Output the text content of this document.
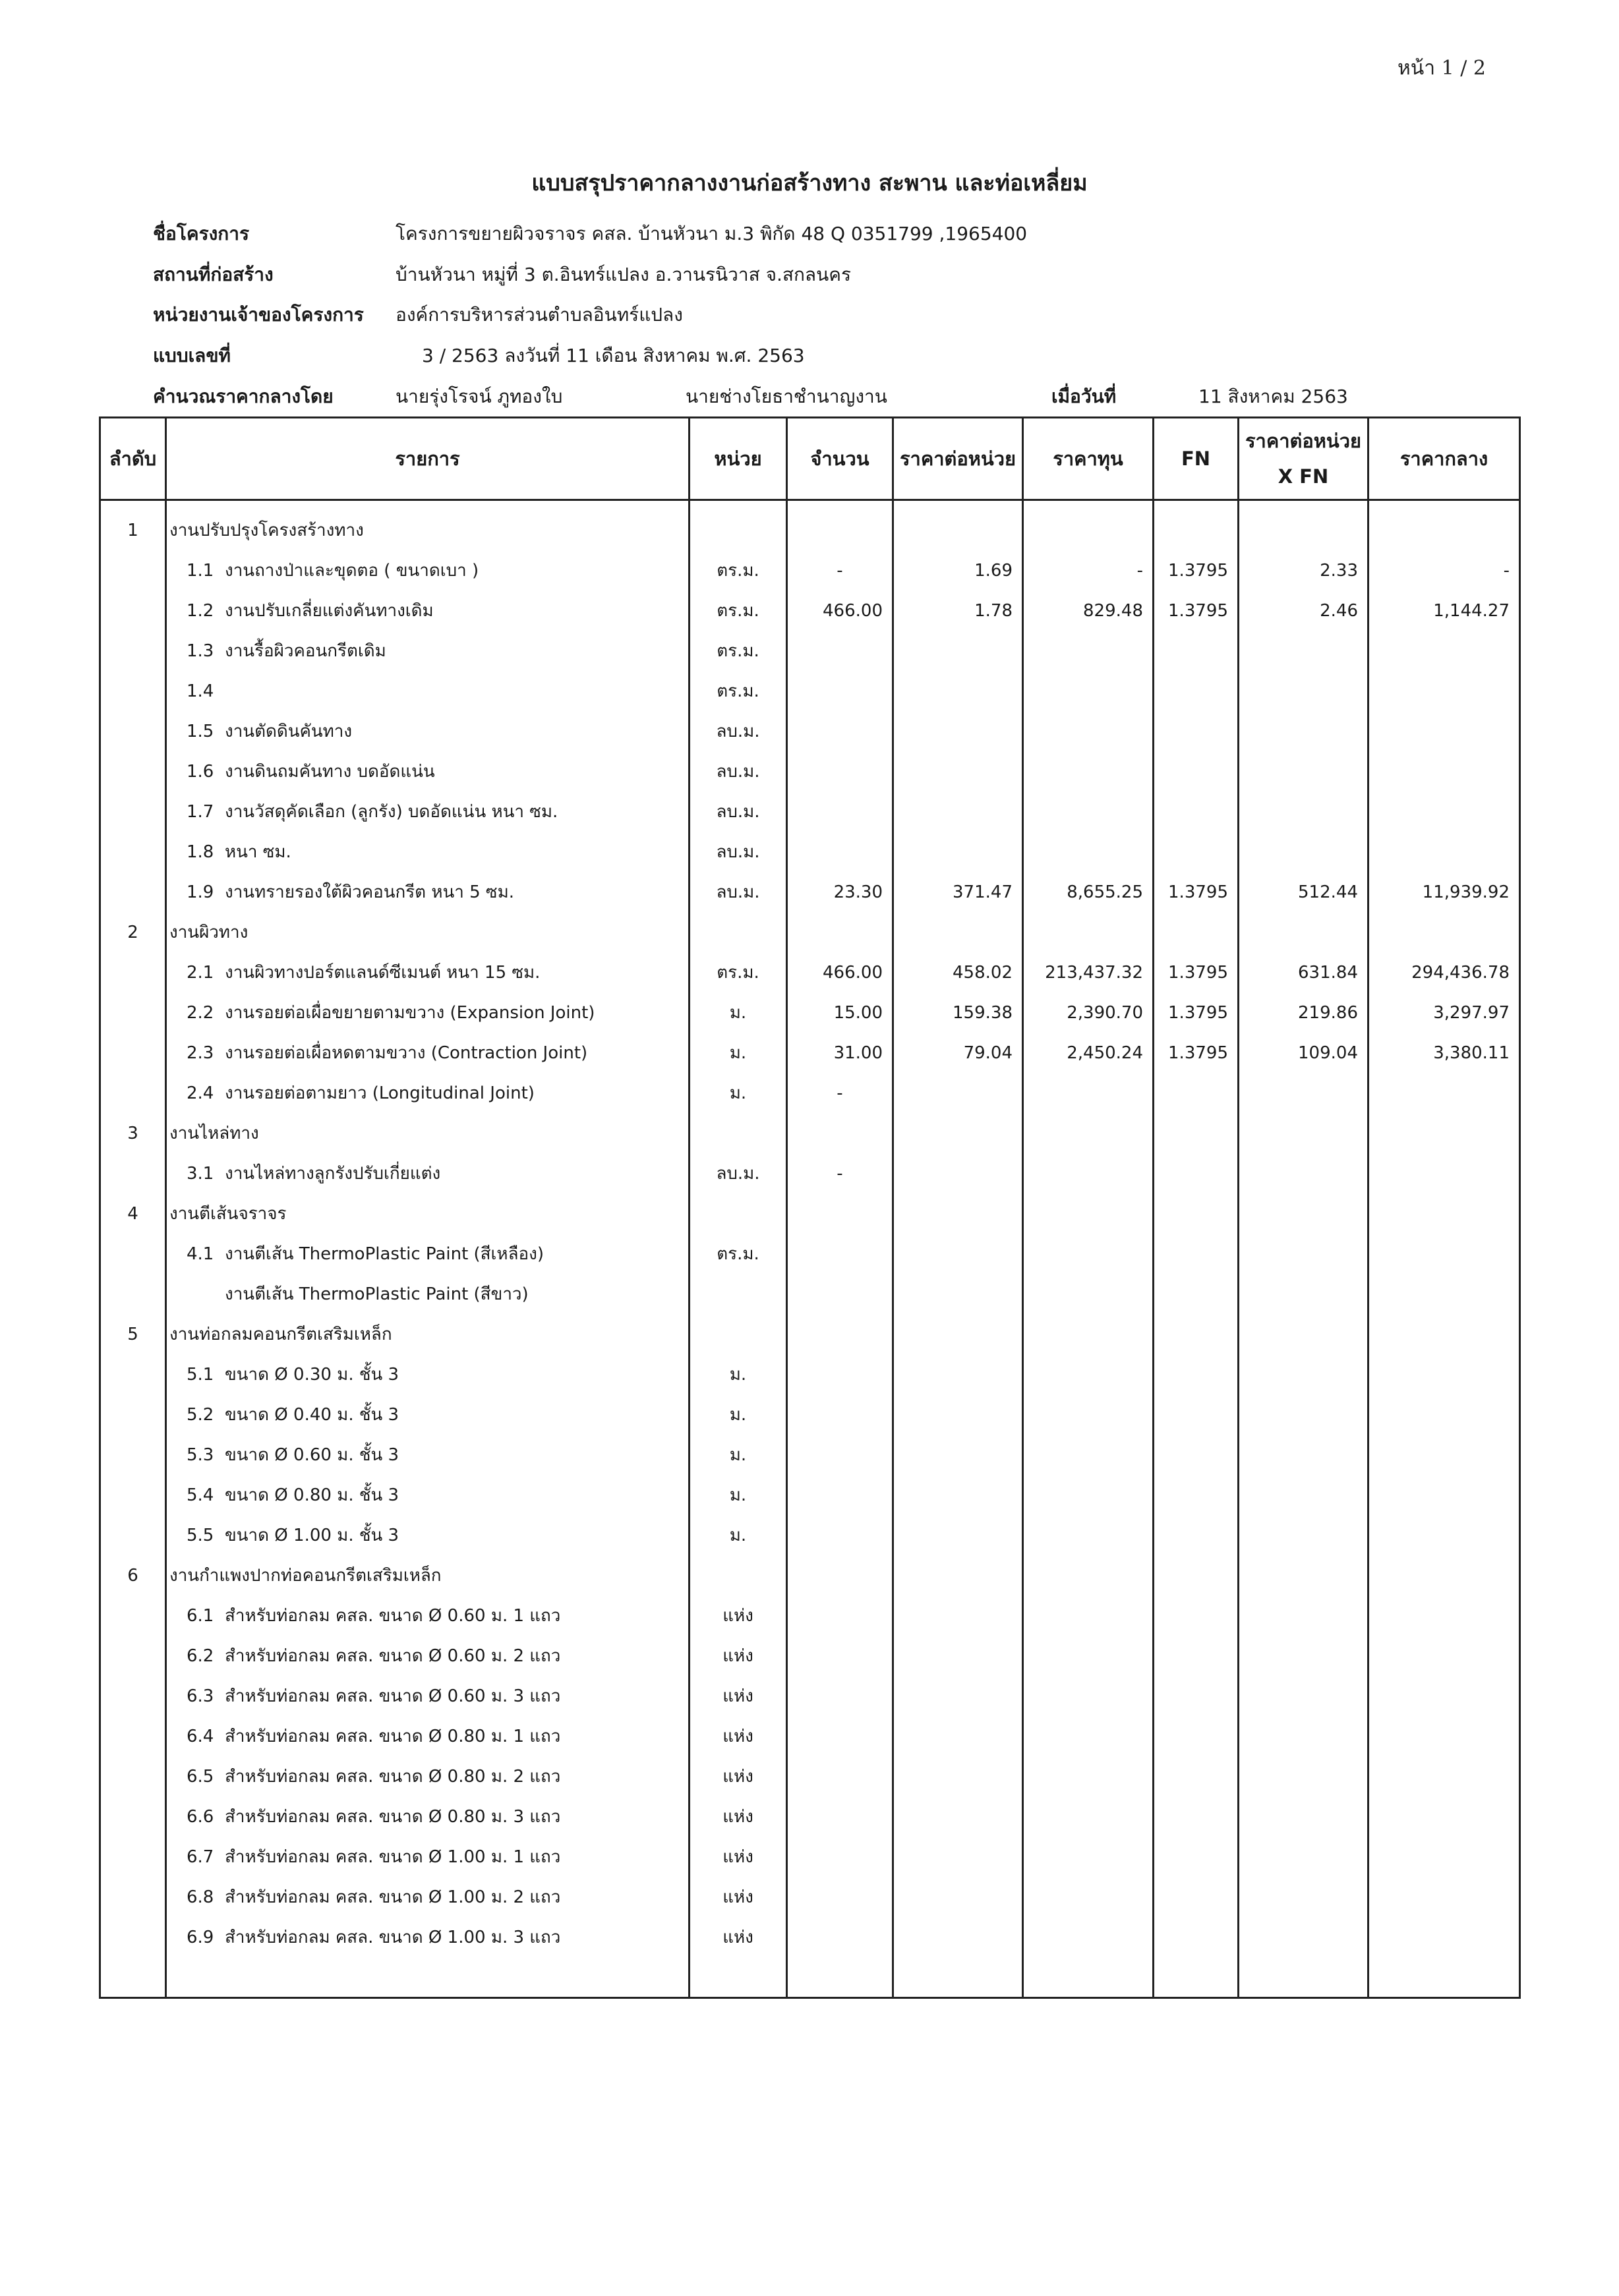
หน้า 1 / 2
แบบสรุปราคากลางงานก่อสร้างทาง สะพาน และท่อเหลี่ยม
ชื่อโครงการ	โครงการขยายผิวจราจร คสล. บ้านหัวนา ม.3 พิกัด 48 Q 0351799 ,1965400
สถานที่ก่อสร้าง	บ้านหัวนา หมู่ที่ 3 ต.อินทร์แปลง อ.วานรนิวาส จ.สกลนคร
หน่วยงานเจ้าของโครงการ องค์การบริหารส่วนตำบลอินทร์แปลง
แบบเลขที่	3 / 2563 ลงวันที่ 11 เดือน สิงหาคม พ.ศ. 2563
คำนวณราคากลางโดย	นายรุ่งโรจน์ ภูทองใบ	นายช่างโยธาชำนาญงาน	เมื่อวันที่	11 สิงหาคม 2563
ลำดับ	รายการ	หน่วย	จำนวน	ราคาต่อหน่วย	ราคาทุน	FN	ราคาต่อหน่วย
X FN	ราคากลาง
1	งานปรับปรุงโครงสร้างทาง							
	1.1 งานถางป่าและขุดตอ ( ขนาดเบา )	ตร.ม.	-	1.69	-	1.3795	2.33	-
	1.2 งานปรับเกลี่ยแต่งคันทางเดิม	ตร.ม.	466.00	1.78	829.48	1.3795	2.46	1,144.27
	1.3 งานรื้อผิวคอนกรีตเดิม	ตร.ม.						
	1.4	ตร.ม.						
	1.5 งานตัดดินคันทาง	ลบ.ม.						
	1.6 งานดินถมคันทาง บดอัดแน่น	ลบ.ม.						
	1.7 งานวัสดุคัดเลือก (ลูกรัง) บดอัดแน่น หนา ซม.	ลบ.ม.						
	1.8 หนา ซม.	ลบ.ม.						
	1.9 งานทรายรองใต้ผิวคอนกรีต หนา 5 ซม.	ลบ.ม.	23.30	371.47	8,655.25	1.3795	512.44	11,939.92
2	งานผิวทาง							
	2.1 งานผิวทางปอร์ตแลนด์ซีเมนต์ หนา 15 ซม.	ตร.ม.	466.00	458.02	213,437.32	1.3795	631.84	294,436.78
	2.2 งานรอยต่อเผื่อขยายตามขวาง (Expansion Joint)	ม.	15.00	159.38	2,390.70	1.3795	219.86	3,297.97
	2.3 งานรอยต่อเผื่อหดตามขวาง (Contraction Joint)	ม.	31.00	79.04	2,450.24	1.3795	109.04	3,380.11
	2.4 งานรอยต่อตามยาว (Longitudinal Joint)	ม.	-					
3	งานไหล่ทาง							
	3.1 งานไหล่ทางลูกรังปรับเกี่ยแต่ง	ลบ.ม.	-					
4	งานตีเส้นจราจร							
	4.1 งานตีเส้น ThermoPlastic Paint (สีเหลือง)	ตร.ม.						
	งานตีเส้น ThermoPlastic Paint (สีขาว)							
5	งานท่อกลมคอนกรีตเสริมเหล็ก							
	5.1 ขนาด Ø 0.30 ม. ชั้น 3	ม.						
	5.2 ขนาด Ø 0.40 ม. ชั้น 3	ม.						
	5.3 ขนาด Ø 0.60 ม. ชั้น 3	ม.						
	5.4 ขนาด Ø 0.80 ม. ชั้น 3	ม.						
	5.5 ขนาด Ø 1.00 ม. ชั้น 3	ม.						
6	งานกำแพงปากท่อคอนกรีตเสริมเหล็ก							
	6.1 สำหรับท่อกลม คสล. ขนาด Ø 0.60 ม. 1 แถว	แห่ง						
	6.2 สำหรับท่อกลม คสล. ขนาด Ø 0.60 ม. 2 แถว	แห่ง						
	6.3 สำหรับท่อกลม คสล. ขนาด Ø 0.60 ม. 3 แถว	แห่ง						
	6.4 สำหรับท่อกลม คสล. ขนาด Ø 0.80 ม. 1 แถว	แห่ง						
	6.5 สำหรับท่อกลม คสล. ขนาด Ø 0.80 ม. 2 แถว	แห่ง						
	6.6 สำหรับท่อกลม คสล. ขนาด Ø 0.80 ม. 3 แถว	แห่ง						
	6.7 สำหรับท่อกลม คสล. ขนาด Ø 1.00 ม. 1 แถว	แห่ง						
	6.8 สำหรับท่อกลม คสล. ขนาด Ø 1.00 ม. 2 แถว	แห่ง						
	6.9 สำหรับท่อกลม คสล. ขนาด Ø 1.00 ม. 3 แถว	แห่ง						
